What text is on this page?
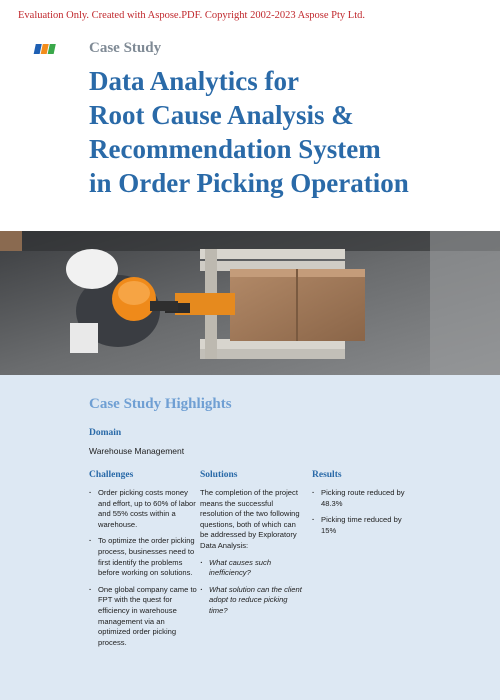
Evaluation Only. Created with Aspose.PDF. Copyright 2002-2023 Aspose Pty Ltd.
Case Study
Data Analytics for
Root Cause Analysis &
Recommendation System
in Order Picking Operation
Case Study Highlights
Domain
Warehouse Management
Challenges
· Order picking costs money and effort, up to 60% of labor and 55% costs within a warehouse.
· To optimize the order picking process, businesses need to first identify the problems before working on solutions.
· One global company came to FPT with the quest for efficiency in warehouse management via an optimized order picking process.
Solutions

The completion of the project means the successful resolution of the two following questions, both of which can be addressed by Exploratory Data Analysis:

· What causes such inefficiency?
· What solution can the client adopt to reduce picking time?
Results
· Picking route reduced by 48.3%
· Picking time reduced by 15%
